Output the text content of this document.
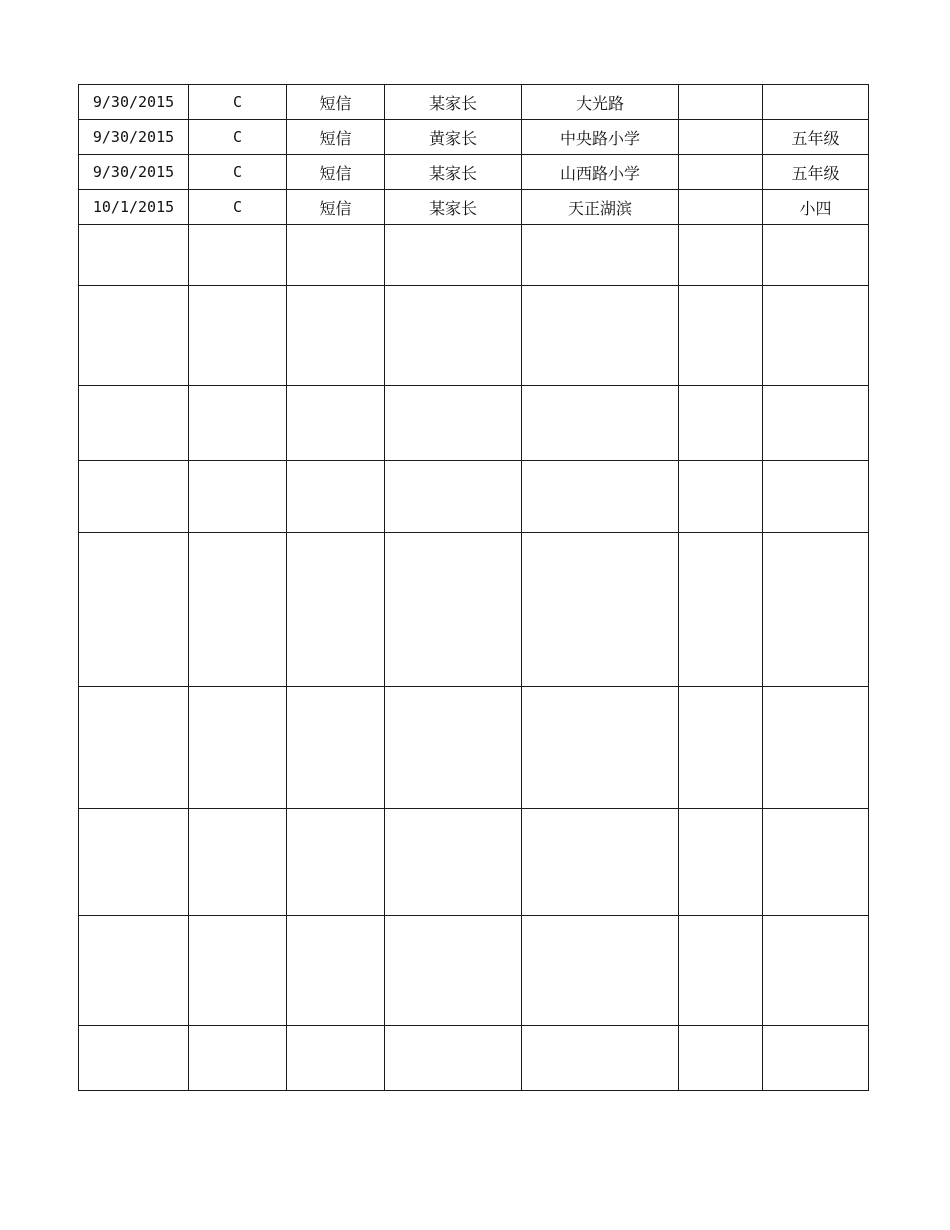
9/30/2015	C	短信	某家长	大光路		
9/30/2015	C	短信	黄家长	中央路小学		五年级
9/30/2015	C	短信	某家长	山西路小学		五年级
10/1/2015	C	短信	某家长	天正湖滨		小四
